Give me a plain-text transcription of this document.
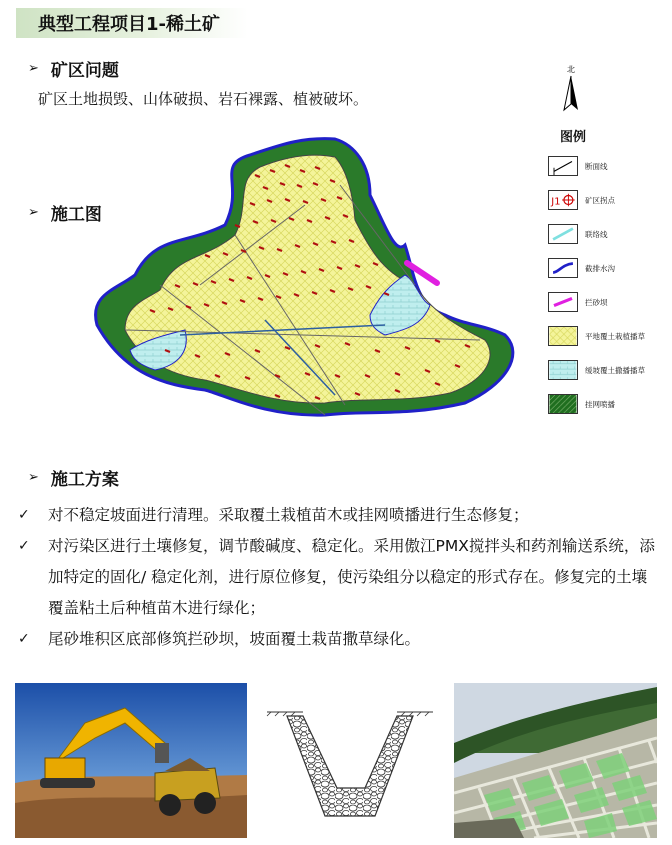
典型工程项目1-稀土矿
➢ 矿区问题
矿区土地损毁、山体破损、岩石裸露、植被破坏。
➢ 施工图
北
图例
断面线
J1	矿区拐点
联络线
截排水沟
拦砂坝
平地覆土栽植播草
缓坡覆土撒播播草
挂网喷播
➢ 施工方案
✓	对不稳定坡面进行清理。采取覆土栽植苗木或挂网喷播进行生态修复；
✓	对污染区进行土壤修复，调节酸碱度、稳定化。采用傲江PMX搅拌头和药剂输送系统，添加特定的固化/ 稳定化剂，进行原位修复，使污染组分以稳定的形式存在。修复完的土壤覆盖粘土后种植苗木进行绿化；
✓	尾砂堆积区底部修筑拦砂坝，坡面覆土栽苗撒草绿化。
